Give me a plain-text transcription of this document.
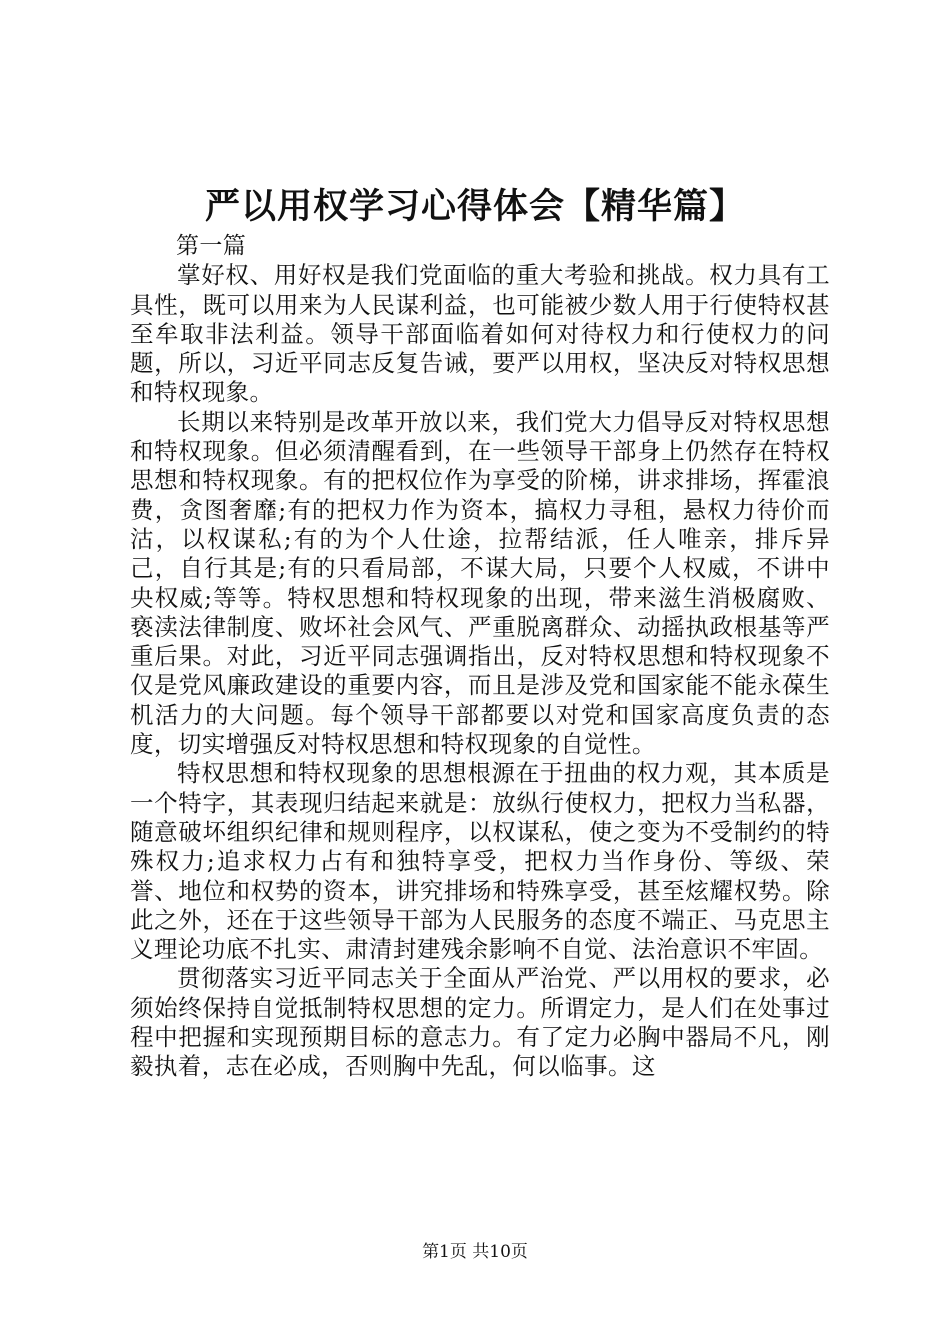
严以用权学习心得体会【精华篇】

第一篇

掌好权、用好权是我们党面临的重大考验和挑战。权力具有工具性，既可以用来为人民谋利益，也可能被少数人用于行使特权甚至牟取非法利益。领导干部面临着如何对待权力和行使权力的问题，所以，习近平同志反复告诫，要严以用权，坚决反对特权思想和特权现象。

长期以来特别是改革开放以来，我们党大力倡导反对特权思想和特权现象。但必须清醒看到，在一些领导干部身上仍然存在特权思想和特权现象。有的把权位作为享受的阶梯，讲求排场，挥霍浪费，贪图奢靡;有的把权力作为资本，搞权力寻租，悬权力待价而沽，以权谋私;有的为个人仕途，拉帮结派，任人唯亲，排斥异己，自行其是;有的只看局部，不谋大局，只要个人权威，不讲中央权威;等等。特权思想和特权现象的出现，带来滋生消极腐败、亵渎法律制度、败坏社会风气、严重脱离群众、动摇执政根基等严重后果。对此，习近平同志强调指出，反对特权思想和特权现象不仅是党风廉政建设的重要内容，而且是涉及党和国家能不能永葆生机活力的大问题。每个领导干部都要以对党和国家高度负责的态度，切实增强反对特权思想和特权现象的自觉性。

特权思想和特权现象的思想根源在于扭曲的权力观，其本质是一个特字，其表现归结起来就是：放纵行使权力，把权力当私器，随意破坏组织纪律和规则程序，以权谋私，使之变为不受制约的特殊权力;追求权力占有和独特享受，把权力当作身份、等级、荣誉、地位和权势的资本，讲究排场和特殊享受，甚至炫耀权势。除此之外，还在于这些领导干部为人民服务的态度不端正、马克思主义理论功底不扎实、肃清封建残余影响不自觉、法治意识不牢固。

贯彻落实习近平同志关于全面从严治党、严以用权的要求，必须始终保持自觉抵制特权思想的定力。所谓定力，是人们在处事过程中把握和实现预期目标的意志力。有了定力必胸中器局不凡，刚毅执着，志在必成，否则胸中先乱，何以临事。这

第1页 共10页
